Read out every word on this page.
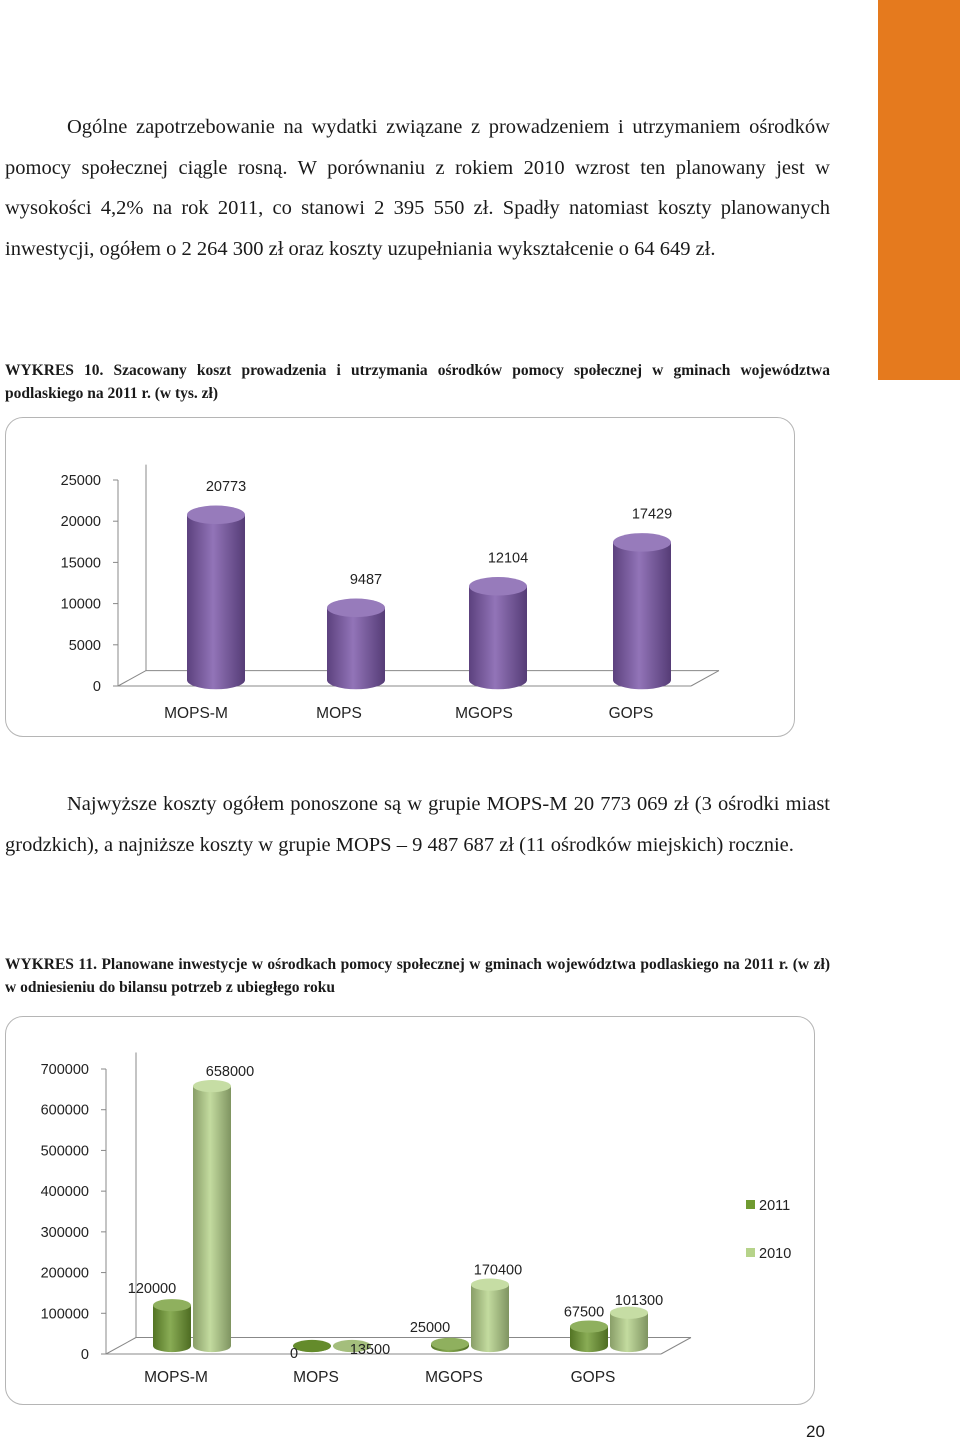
Ogólne zapotrzebowanie na wydatki związane z prowadzeniem i utrzymaniem ośrodków pomocy społecznej ciągle rosną. W porównaniu z rokiem 2010 wzrost ten planowany jest w wysokości 4,2% na rok 2011, co stanowi 2 395 550 zł. Spadły natomiast koszty planowanych inwestycji, ogółem o 2 264 300 zł oraz koszty uzupełniania wykształcenie o 64 649 zł.

WYKRES 10. Szacowany koszt prowadzenia i utrzymania ośrodków pomocy społecznej w gminach województwa podlaskiego na 2011 r. (w tys. zł)

0
5000
10000
15000
20000
25000	20773
MOPS-M
9487
MOPS
12104
MGOPS
17429
GOPS

Najwyższe koszty ogółem ponoszone są w grupie MOPS-M 20 773 069 zł (3 ośrodki miast grodzkich), a najniższe koszty w grupie MOPS – 9 487 687 zł (11 ośrodków miejskich) rocznie.

WYKRES 11. Planowane inwestycje w ośrodkach pomocy społecznej w gminach województwa podlaskiego na 2011 r. (w zł) w odniesieniu do bilansu potrzeb z ubiegłego roku

0
100000
200000
300000
400000
500000
600000
700000
120000
658000
MOPS-M
0	13500
MOPS
25000
170400
MGOPS
67500
101300
GOPS
2011
2010
20
